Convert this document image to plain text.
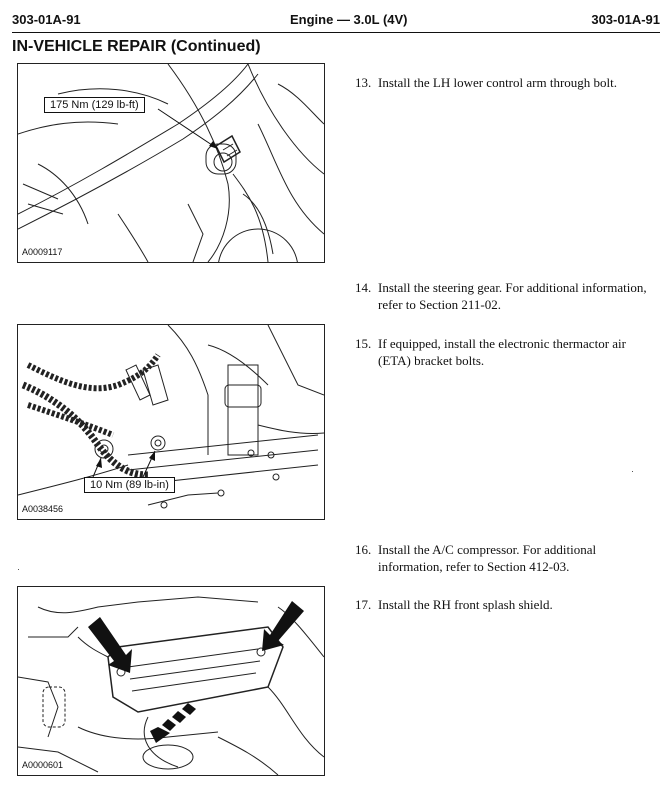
303-01A-91	Engine — 3.0L (4V)	303-01A-91
IN-VEHICLE REPAIR (Continued)
175 Nm (129 lb-ft)
A0009117
10 Nm (89 lb-in)
A0038456
A0000601
13. Install the LH lower control arm through bolt.
14. Install the steering gear. For additional information, refer to Section 211-02.
15. If equipped, install the electronic thermactor air (ETA) bracket bolts.
16. Install the A/C compressor. For additional information, refer to Section 412-03.
17. Install the RH front splash shield.
